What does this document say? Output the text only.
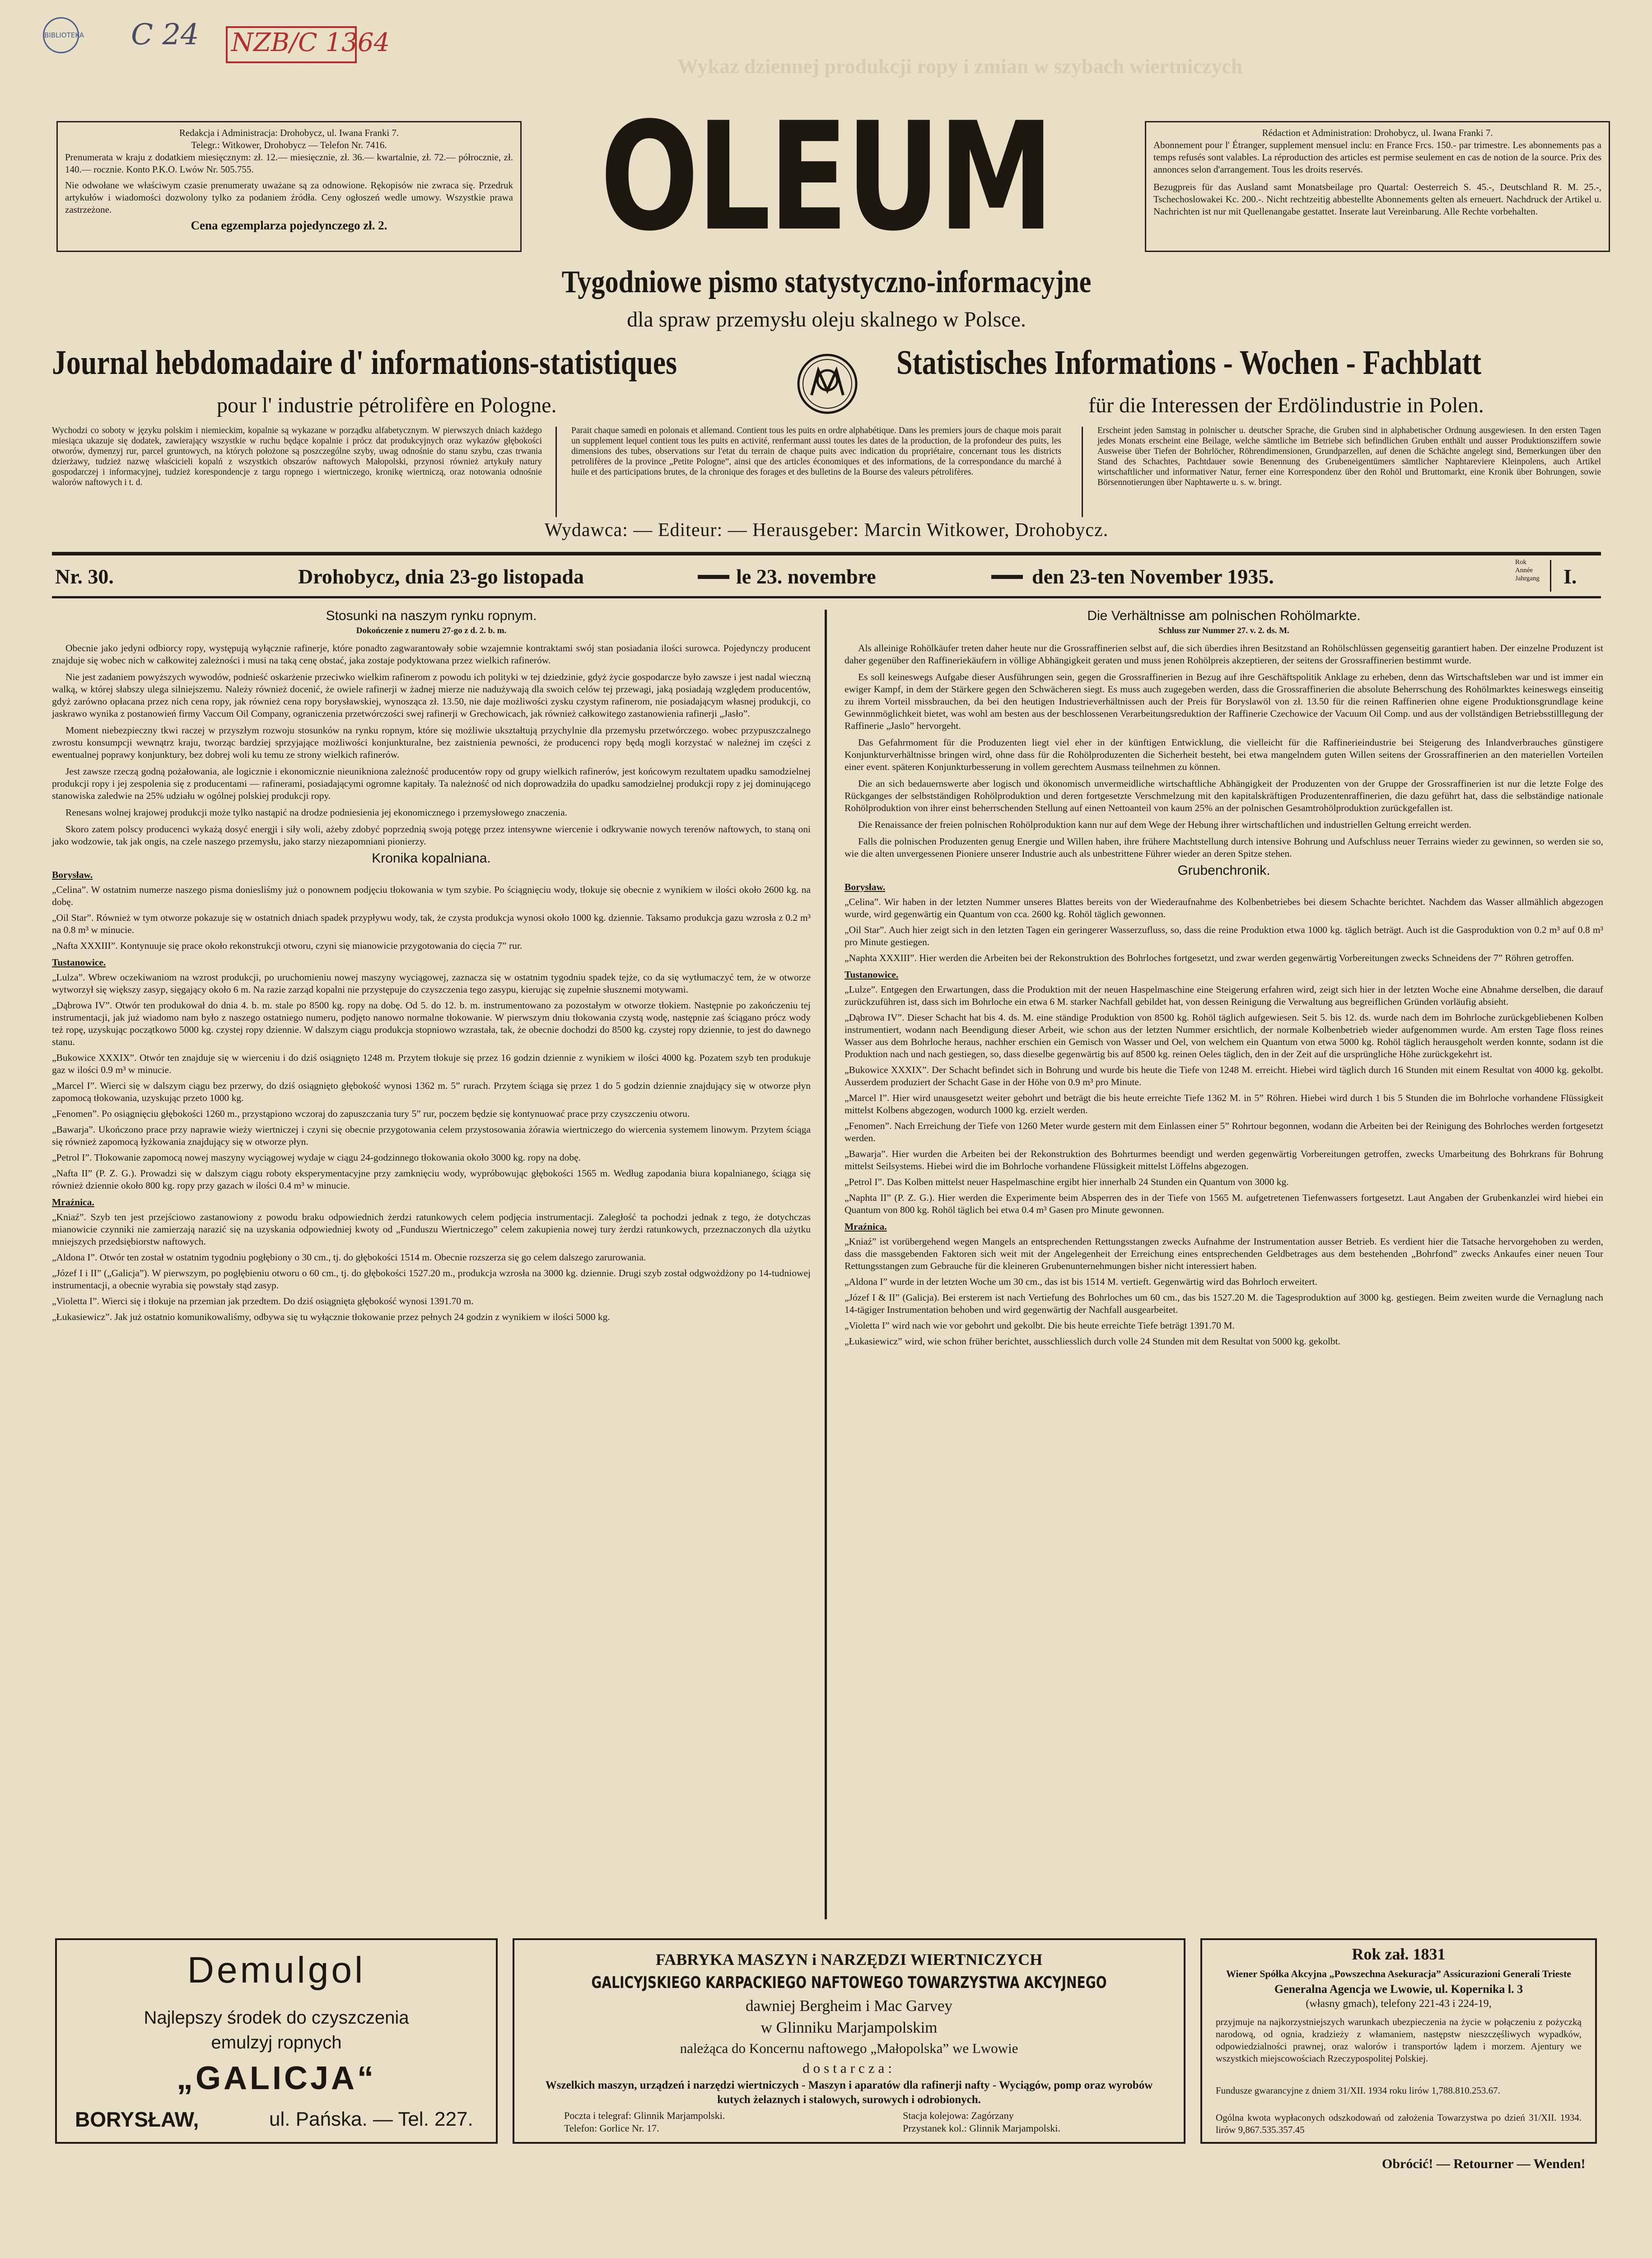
BIBLIOTEKA C 24 NZB/C 1364
Wykaz dziennej produkcji ropy i zmian w szybach wiertniczych
Redakcja i Administracja: Drohobycz, ul. Iwana Franki 7.
Telegr.: Witkower, Drohobycz — Telefon Nr. 7416.
Prenumerata w kraju z dodatkiem miesięcznym: zł. 12.— miesięcznie, zł. 36.— kwartalnie, zł. 72.— półrocznie, zł. 140.— rocznie. Konto P.K.O. Lwów Nr. 505.755.
Nie odwołane we właściwym czasie prenumeraty uważane są za odnowione. Rękopisów nie zwraca się. Przedruk artykułów i wiadomości dozwolony tylko za podaniem źródła. Ceny ogłoszeń wedle umowy. Wszystkie prawa zastrzeżone.
Cena egzemplarza pojedynczego zł. 2.
Rédaction et Administration: Drohobycz, ul. Iwana Franki 7.
Abonnement pour l' Étranger, supplement mensuel inclu: en France Frcs. 150.- par trimestre. Les abonnements pas a temps refusés sont valables. La réproduction des articles est permise seulement en cas de notion de la source. Prix des annonces selon d'arrangement. Tous les droits reservés.
Bezugpreis für das Ausland samt Monatsbeilage pro Quartal: Oesterreich S. 45.-, Deutschland R. M. 25.-, Tschechoslowakei Kc. 200.-. Nicht rechtzeitig abbestellte Abonnements gelten als erneuert. Nachdruck der Artikel u. Nachrichten ist nur mit Quellenangabe gestattet. Inserate laut Vereinbarung. Alle Rechte vorbehalten.
OLEUM
Tygodniowe pismo statystyczno-informacyjne
dla spraw przemysłu oleju skalnego w Polsce.
Journal hebdomadaire d' informations-statistiques
pour l' industrie pétrolifère en Pologne.
Statistisches Informations - Wochen - Fachblatt
für die Interessen der Erdölindustrie in Polen.
Wychodzi co soboty w języku polskim i niemieckim, kopalnie są wykazane w porządku alfabetycznym. W pierwszych dniach każdego miesiąca ukazuje się dodatek, zawierający wszystkie w ruchu będące kopalnie i prócz dat produkcyjnych oraz wykazów głębokości otworów, dymenzyj rur, parcel gruntowych, na których położone są poszczególne szyby, uwag odnośnie do stanu szybu, czas trwania dzierżawy, tudzież nazwę właścicieli kopalń z wszystkich obszarów naftowych Małopolski, przynosi również artykuły natury gospodarczej i informacyjnej, tudzież korespondencje z targu ropnego i wiertniczego, kronikę wiertniczą, oraz notowania odnośnie walorów naftowych i t. d.
Parait chaque samedi en polonais et allemand. Contient tous les puits en ordre alphabétique. Dans les premiers jours de chaque mois parait un supplement lequel contient tous les puits en activité, renfermant aussi toutes les dates de la production, de la profondeur des puits, les dimensions des tubes, observations sur l'etat du terrain de chaque puits avec indication du propriétaire, concernant tous les districts petrolifères de la province „Petite Pologne”, ainsi que des articles économiques et des informations, de la correspondance du marché à huile et des participations brutes, de la chronique des forages et des bulletins de la Bourse des valeurs pétrolifères.
Erscheint jeden Samstag in polnischer u. deutscher Sprache, die Gruben sind in alphabetischer Ordnung ausgewiesen. In den ersten Tagen jedes Monats erscheint eine Beilage, welche sämtliche im Betriebe sich befindlichen Gruben enthält und ausser Produktionsziffern sowie Ausweise über Tiefen der Bohrlöcher, Röhrendimensionen, Grundparzellen, auf denen die Schächte angelegt sind, Bemerkungen über den Stand des Schachtes, Pachtdauer sowie Benennung des Grubeneigentümers sämtlicher Naphtareviere Kleinpolens, auch Artikel wirtschaftlicher und informativer Natur, ferner eine Korrespondenz über den Rohöl und Bruttomarkt, eine Kronik über Bohrungen, sowie Börsennotierungen über Naphtawerte u. s. w. bringt.
Wydawca: — Editeur: — Herausgeber: Marcin Witkower, Drohobycz.
Nr. 30.	Drohobycz, dnia 23-go listopada	le 23. novembre	den 23-ten November 1935.
Rok Année Jahrgang I.
Stosunki na naszym rynku ropnym.
Dokończenie z numeru 27-go z d. 2. b. m.

Obecnie jako jedyni odbiorcy ropy, występują wyłącznie rafinerje, które ponadto zagwarantowały sobie wzajemnie kontraktami swój stan posiadania ilości surowca. Pojedynczy producent znajduje się wobec nich w całkowitej zależności i musi na taką cenę obstać, jaka zostaje podyktowana przez wielkich rafinerów.

Nie jest zadaniem powyższych wywodów, podnieść oskarżenie przeciwko wielkim rafinerom z powodu ich polityki w tej dziedzinie, gdyż życie gospodarcze było zawsze i jest nadal wieczną walką, w której słabszy ulega silniejszemu. Należy również docenić, że owiele rafinerji w żadnej mierze nie nadużywają dla swoich celów tej przewagi, jaką posiadają względem producentów, gdyż zarówno opłacana przez nich cena ropy, jak również cena ropy borysławskiej, wynosząca zł. 13.50, nie daje możliwości zysku czystym rafinerom, nie posiadającym własnej produkcji, co jaskrawo wynika z postanowień firmy Vaccum Oil Company, ograniczenia przetwórczości swej rafinerji w Grechowicach, jak również całkowitego zastanowienia rafinerji „Jasło”.

Moment niebezpieczny tkwi raczej w przyszłym rozwoju stosunków na rynku ropnym, które się możliwie ukształtują przychylnie dla przemysłu przetwórczego. wobec przypuszczalnego zwrostu konsumpcji wewnątrz kraju, tworząc bardziej sprzyjające możliwości konjunkturalne, bez zaistnienia pewności, że producenci ropy będą mogli korzystać w należnej im części z ewentualnej poprawy konjunktury, bez dobrej woli ku temu ze strony wielkich rafinerów.

Jest zawsze rzeczą godną pożałowania, ale logicznie i ekonomicznie nieunikniona zależność producentów ropy od grupy wielkich rafinerów, jest końcowym rezultatem upadku samodzielnej produkcji ropy i jej zespolenia się z producentami — rafinerami, posiadającymi ogromne kapitały. Ta należność od nich doprowadziła do upadku samodzielnej produkcji ropy z jej dominującego stanowiska zaledwie na 25% udziału w ogólnej polskiej produkcji ropy.

Renesans wolnej krajowej produkcji może tylko nastąpić na drodze podniesienia jej ekonomicznego i przemysłowego znaczenia.

Skoro zatem polscy producenci wykażą dosyć energji i siły woli, ażeby zdobyć poprzednią swoją potęgę przez intensywne wiercenie i odkrywanie nowych terenów naftowych, to staną oni jako wodzowie, tak jak ongis, na czele naszego przemysłu, jako starzy niezapomniani pionierzy.

Kronika kopalniana.
Borysław.
„Celina”. W ostatnim numerze naszego pisma doniesliśmy już o ponownem podjęciu tłokowania w tym szybie. Po ściągnięciu wody, tłokuje się obecnie z wynikiem w ilości około 2600 kg. na dobę.
„Oil Star”. Również w tym otworze pokazuje się w ostatnich dniach spadek przypływu wody, tak, że czysta produkcja wynosi około 1000 kg. dziennie. Taksamo produkcja gazu wzrosła z 0.2 m³ na 0.8 m³ w minucie.
„Nafta XXXIII”. Kontynuuje się prace około rekonstrukcji otworu, czyni się mianowicie przygotowania do cięcia 7” rur.
Tustanowice.
„Lulza”. Wbrew oczekiwaniom na wzrost produkcji, po uruchomieniu nowej maszyny wyciągowej, zaznacza się w ostatnim tygodniu spadek tejże, co da się wytłumaczyć tem, że w otworze wytworzył się większy zasyp, sięgający około 6 m. Na razie zarząd kopalni nie przystępuje do czyszczenia tego zasypu, kierując się zupełnie słusznemi motywami.
„Dąbrowa IV”. Otwór ten produkował do dnia 4. b. m. stale po 8500 kg. ropy na dobę. Od 5. do 12. b. m. instrumentowano za pozostałym w otworze tłokiem. Następnie po zakończeniu tej instrumentacji, jak już wiadomo nam było z naszego ostatniego numeru, podjęto nanowo normalne tłokowanie. W pierwszym dniu tłokowania czystą wodę, następnie zaś ściągano prócz wody też ropę, uzyskując początkowo 5000 kg. czystej ropy dziennie. W dalszym ciągu produkcja stopniowo wzrastała, tak, że obecnie dochodzi do 8500 kg. czystej ropy dziennie, to jest do dawnego stanu.
„Bukowice XXXIX”. Otwór ten znajduje się w wierceniu i do dziś osiągnięto 1248 m. Przytem tłokuje się przez 16 godzin dziennie z wynikiem w ilości 4000 kg. Pozatem szyb ten produkuje gaz w ilości 0.9 m³ w minucie.
„Marcel I”. Wierci się w dalszym ciągu bez przerwy, do dziś osiągnięto głębokość wynosi 1362 m. 5” rurach. Przytem ściąga się przez 1 do 5 godzin dziennie znajdujący się w otworze płyn zapomocą tłokowania, uzyskując przeto 1000 kg.
„Fenomen”. Po osiągnięciu głębokości 1260 m., przystąpiono wczoraj do zapuszczania tury 5” rur, poczem będzie się kontynuować prace przy czyszczeniu otworu.
„Bawarja”. Ukończono prace przy naprawie wieży wiertniczej i czyni się obecnie przygotowania celem przystosowania żórawia wiertniczego do wiercenia systemem linowym. Przytem ściąga się również zapomocą łyżkowania znajdujący się w otworze płyn.
„Petrol I”. Tłokowanie zapomocą nowej maszyny wyciągowej wydaje w ciągu 24-godzinnego tłokowania około 3000 kg. ropy na dobę.
„Nafta II” (P. Z. G.). Prowadzi się w dalszym ciągu roboty eksperymentacyjne przy zamknięciu wody, wypróbowując głębokości 1565 m. Według zapodania biura kopalnianego, ściąga się również dziennie około 800 kg. ropy przy gazach w ilości 0.4 m³ w minucie.
Mraźnica.
„Kniaź”. Szyb ten jest przejściowo zastanowiony z powodu braku odpowiednich żerdzi ratunkowych celem podjęcia instrumentacji. Zaległość ta pochodzi jednak z tego, że dotychczas mianowicie czynniki nie zamierzają narazić się na uzyskania odpowiedniej kwoty od „Funduszu Wiertniczego” celem zakupienia nowej tury żerdzi ratunkowych, przeznaczonych dla użytku mniejszych przedsiębiorstw naftowych.
„Aldona I”. Otwór ten został w ostatnim tygodniu pogłębiony o 30 cm., tj. do głębokości 1514 m. Obecnie rozszerza się go celem dalszego zarurowania.
„Józef I i II” („Galicja”). W pierwszym, po pogłębieniu otworu o 60 cm., tj. do głębokości 1527.20 m., produkcja wzrosła na 3000 kg. dziennie. Drugi szyb został odgwożdżony po 14-tudniowej instrumentacji, a obecnie wyrabia się powstały stąd zasyp.
„Violetta I”. Wierci się i tłokuje na przemian jak przedtem. Do dziś osiągnięta głębokość wynosi 1391.70 m.
„Łukasiewicz”. Jak już ostatnio komunikowaliśmy, odbywa się tu wyłącznie tłokowanie przez pełnych 24 godzin z wynikiem w ilości 5000 kg.
Die Verhältnisse am polnischen Rohölmarkte.
Schluss zur Nummer 27. v. 2. ds. M.

Als alleinige Rohölkäufer treten daher heute nur die Grossraffinerien selbst auf, die sich überdies ihren Besitzstand an Rohölschlüssen gegenseitig garantiert haben. Der einzelne Produzent ist daher gegenüber den Raffineriekäufern in völlige Abhängigkeit geraten und muss jenen Rohölpreis akzeptieren, der seitens der Grossraffinerien bestimmt wurde.

Es soll keineswegs Aufgabe dieser Ausführungen sein, gegen die Grossraffinerien in Bezug auf ihre Geschäftspolitik Anklage zu erheben, denn das Wirtschaftsleben war und ist immer ein ewiger Kampf, in dem der Stärkere gegen den Schwächeren siegt. Es muss auch zugegeben werden, dass die Grossraffinerien die absolute Beherrschung des Rohölmarktes keineswegs einseitig zu ihrem Vorteil missbrauchen, da bei den heutigen Industrieverhältnissen auch der Preis für Boryslawöl von zł. 13.50 für die reinen Raffinerien ohne eigene Produktionsgrundlage keine Gewinnmöglichkeit bietet, was wohl am besten aus der beschlossenen Verarbeitungsreduktion der Raffinerie Czechowice der Vacuum Oil Comp. und aus der vollständigen Betriebsstilllegung der Raffinerie „Jaslo” hervorgeht.

Das Gefahrmoment für die Produzenten liegt viel eher in der künftigen Entwicklung, die vielleicht für die Raffinerieindustrie bei Steigerung des Inlandverbrauches günstigere Konjunkturverhältnisse bringen wird, ohne dass für die Rohölproduzenten die Sicherheit besteht, bei etwa mangelndem guten Willen seitens der Grossraffinerien an den materiellen Vorteilen einer event. späteren Konjunkturbesserung in vollem gerechtem Ausmass teilnehmen zu können.

Die an sich bedauernswerte aber logisch und ökonomisch unvermeidliche wirtschaftliche Abhängigkeit der Produzenten von der Gruppe der Grossraffinerien ist nur die letzte Folge des Rückganges der selbstständigen Rohölproduktion und deren fortgesetzte Verschmelzung mit den kapitalskräftigen Produzentenraffinerien, die dazu geführt hat, dass die selbständige nationale Rohölproduktion von ihrer einst beherrschenden Stellung auf einen Nettoanteil von kaum 25% an der polnischen Gesamtrohölproduktion zurückgefallen ist.

Die Renaissance der freien polnischen Rohölproduktion kann nur auf dem Wege der Hebung ihrer wirtschaftlichen und industriellen Geltung erreicht werden.

Falls die polnischen Produzenten genug Energie und Willen haben, ihre frühere Machtstellung durch intensive Bohrung und Aufschluss neuer Terrains wieder zu gewinnen, so werden sie so, wie die alten unvergessenen Pioniere unserer Industrie auch als unbestrittene Führer wieder an deren Spitze stehen.

Grubenchronik.
Borysław.
„Celina”. Wir haben in der letzten Nummer unseres Blattes bereits von der Wiederaufnahme des Kolbenbetriebes bei diesem Schachte berichtet. Nachdem das Wasser allmählich abgezogen wurde, wird gegenwärtig ein Quantum von cca. 2600 kg. Rohöl täglich gewonnen.
„Oil Star”. Auch hier zeigt sich in den letzten Tagen ein geringerer Wasserzufluss, so, dass die reine Produktion etwa 1000 kg. täglich beträgt. Auch ist die Gasproduktion von 0.2 m³ auf 0.8 m³ pro Minute gestiegen.
„Naphta XXXIII”. Hier werden die Arbeiten bei der Rekonstruktion des Bohrloches fortgesetzt, und zwar werden gegenwärtig Vorbereitungen zwecks Schneidens der 7” Röhren getroffen.
Tustanowice.
„Lulze”. Entgegen den Erwartungen, dass die Produktion mit der neuen Haspelmaschine eine Steigerung erfahren wird, zeigt sich hier in der letzten Woche eine Abnahme derselben, die darauf zurückzuführen ist, dass sich im Bohrloche ein etwa 6 M. starker Nachfall gebildet hat, von dessen Reinigung die Verwaltung aus begreiflichen Gründen vorläufig absieht.
„Dąbrowa IV”. Dieser Schacht hat bis 4. ds. M. eine ständige Produktion von 8500 kg. Rohöl täglich aufgewiesen. Seit 5. bis 12. ds. wurde nach dem im Bohrloche zurückgebliebenen Kolben instrumentiert, wodann nach Beendigung dieser Arbeit, wie schon aus der letzten Nummer ersichtlich, der normale Kolbenbetrieb wieder aufgenommen wurde. Am ersten Tage floss reines Wasser aus dem Bohrloche heraus, nachher erschien ein Gemisch von Wasser und Oel, von welchem ein Quantum von etwa 5000 kg. Rohöl täglich herausgeholt werden konnte, sodann ist die Produktion nach und nach gestiegen, so, dass dieselbe gegenwärtig bis auf 8500 kg. reinen Oeles täglich, den in der Zeit auf die ursprüngliche Höhe zurückgekehrt ist.
„Bukowice XXXIX”. Der Schacht befindet sich in Bohrung und wurde bis heute die Tiefe von 1248 M. erreicht. Hiebei wird täglich durch 16 Stunden mit einem Resultat von 4000 kg. gekolbt. Ausserdem produziert der Schacht Gase in der Höhe von 0.9 m³ pro Minute.
„Marcel I”. Hier wird unausgesetzt weiter gebohrt und beträgt die bis heute erreichte Tiefe 1362 M. in 5” Röhren. Hiebei wird durch 1 bis 5 Stunden die im Bohrloche vorhandene Flüssigkeit mittelst Kolbens abgezogen, wodurch 1000 kg. erzielt werden.
„Fenomen”. Nach Erreichung der Tiefe von 1260 Meter wurde gestern mit dem Einlassen einer 5” Rohrtour begonnen, wodann die Arbeiten bei der Reinigung des Bohrloches werden fortgesetzt werden.
„Bawarja”. Hier wurden die Arbeiten bei der Rekonstruktion des Bohrturmes beendigt und werden gegenwärtig Vorbereitungen getroffen, zwecks Umarbeitung des Bohrkrans für Bohrung mittelst Seilsystems. Hiebei wird die im Bohrloche vorhandene Flüssigkeit mittelst Löffelns abgezogen.
„Petrol I”. Das Kolben mittelst neuer Haspelmaschine ergibt hier innerhalb 24 Stunden ein Quantum von 3000 kg.
„Naphta II” (P. Z. G.). Hier werden die Experimente beim Absperren des in der Tiefe von 1565 M. aufgetretenen Tiefenwassers fortgesetzt. Laut Angaben der Grubenkanzlei wird hiebei ein Quantum von 800 kg. Rohöl täglich bei etwa 0.4 m³ Gasen pro Minute gewonnen.
Mraźnica.
„Kniaź” ist vorübergehend wegen Mangels an entsprechenden Rettungsstangen zwecks Aufnahme der Instrumentation ausser Betrieb. Es verdient hier die Tatsache hervorgehoben zu werden, dass die massgebenden Faktoren sich weit mit der Angelegenheit der Erreichung eines entsprechenden Geldbetrages aus dem bestehenden „Bohrfond” zwecks Ankaufes einer neuen Tour Rettungsstangen zum Gebrauche für die kleineren Grubenunternehmungen bisher nicht interessiert haben.
„Aldona I” wurde in der letzten Woche um 30 cm., das ist bis 1514 M. vertieft. Gegenwärtig wird das Bohrloch erweitert.
„Józef I & II” (Galicja). Bei ersterem ist nach Vertiefung des Bohrloches um 60 cm., das bis 1527.20 M. die Tagesproduktion auf 3000 kg. gestiegen. Beim zweiten wurde die Vernaglung nach 14-tägiger Instrumentation behoben und wird gegenwärtig der Nachfall ausgearbeitet.
„Violetta I” wird nach wie vor gebohrt und gekolbt. Die bis heute erreichte Tiefe beträgt 1391.70 M.
„Łukasiewicz” wird, wie schon früher berichtet, ausschliesslich durch volle 24 Stunden mit dem Resultat von 5000 kg. gekolbt.
Demulgol
Najlepszy środek do czyszczenia
emulzyj ropnych
„GALICJA“
BORYSŁAW,	ul. Pańska. — Tel. 227.
FABRYKA MASZYN i NARZĘDZI WIERTNICZYCH
GALICYJSKIEGO KARPACKIEGO NAFTOWEGO TOWARZYSTWA AKCYJNEGO
dawniej Bergheim i Mac Garvey
w Glinniku Marjampolskim
należąca do Koncernu naftowego „Małopolska” we Lwowie
dostarcza:
Wszelkich maszyn, urządzeń i narzędzi wiertniczych - Maszyn i aparatów dla rafinerji nafty - Wyciągów, pomp oraz wyrobów kutych żelaznych i stalowych, surowych i odrobionych.
Poczta i telegraf: Glinnik Marjampolski.
Telefon: Gorlice Nr. 17.
Stacja kolejowa: Zagórzany
Przystanek kol.: Glinnik Marjampolski.
Rok zał. 1831
Wiener Spółka Akcyjna „Powszechna Asekuracja” Assicurazioni Generali Trieste
Generalna Agencja we Lwowie, ul. Kopernika l. 3
(własny gmach), telefony 221-43 i 224-19,
przyjmuje na najkorzystniejszych warunkach ubezpieczenia na życie w połączeniu z pożyczką narodową, od ognia, kradzieży z włamaniem, następstw nieszczęśliwych wypadków, odpowiedzialności prawnej, oraz walorów i transportów lądem i morzem. Ajentury we wszystkich miejscowościach Rzeczypospolitej Polskiej.
Fundusze gwarancyjne z dniem 31/XII. 1934 roku lirów 1,788.810.253.67.
Ogólna kwota wypłaconych odszkodowań od założenia Towarzystwa po dzień 31/XII. 1934. lirów 9,867.535.357.45
Obrócić! — Retourner — Wenden!
